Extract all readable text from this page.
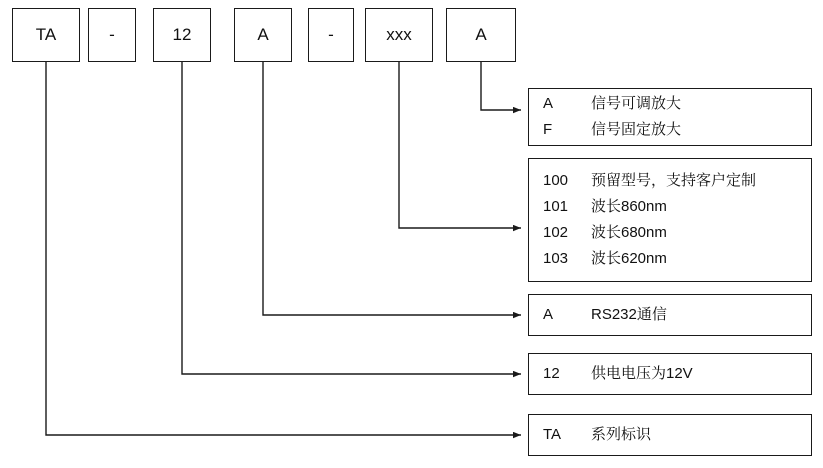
TA	-	12	A	-	xxx	A
A	信号可调放大
F	信号固定放大
100	预留型号，支持客户定制
101	波长860nm
102	波长680nm
103	波长620nm
A	RS232通信
12	供电电压为12V
TA	系列标识
